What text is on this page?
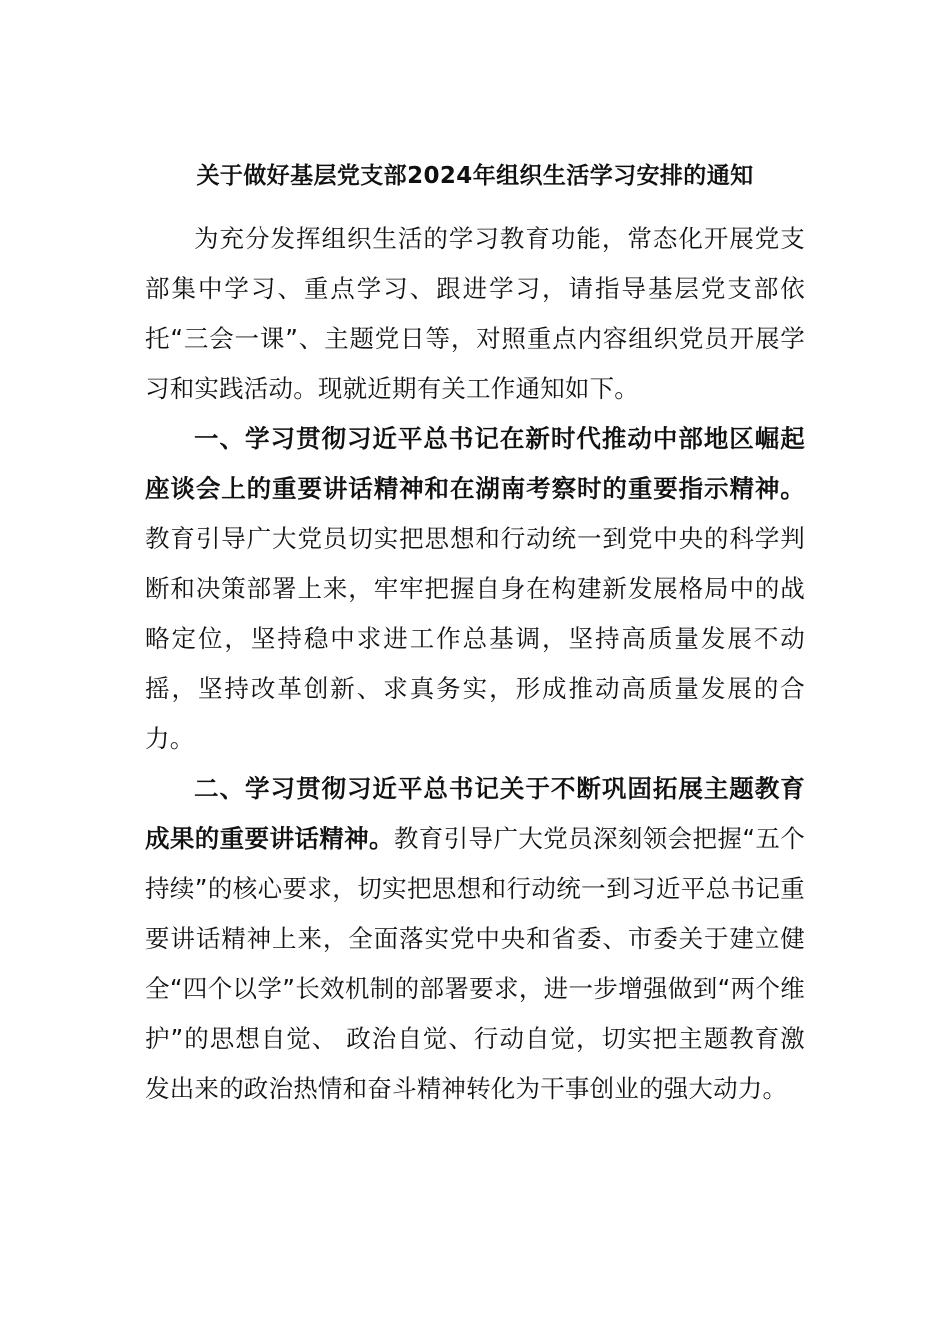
关于做好基层党支部2024年组织生活学习安排的通知

为充分发挥组织生活的学习教育功能，常态化开展党支部集中学习、重点学习、跟进学习，请指导基层党支部依托“三会一课”、主题党日等，对照重点内容组织党员开展学习和实践活动。现就近期有关工作通知如下。

一、学习贯彻习近平总书记在新时代推动中部地区崛起座谈会上的重要讲话精神和在湖南考察时的重要指示精神。教育引导广大党员切实把思想和行动统一到党中央的科学判断和决策部署上来，牢牢把握自身在构建新发展格局中的战略定位，坚持稳中求进工作总基调，坚持高质量发展不动摇，坚持改革创新、求真务实，形成推动高质量发展的合力。

二、学习贯彻习近平总书记关于不断巩固拓展主题教育成果的重要讲话精神。教育引导广大党员深刻领会把握“五个持续”的核心要求，切实把思想和行动统一到习近平总书记重要讲话精神上来，全面落实党中央和省委、市委关于建立健全“四个以学”长效机制的部署要求，进一步增强做到“两个维护”的思想自觉、 政治自觉、行动自觉，切实把主题教育激发出来的政治热情和奋斗精神转化为干事创业的强大动力。
